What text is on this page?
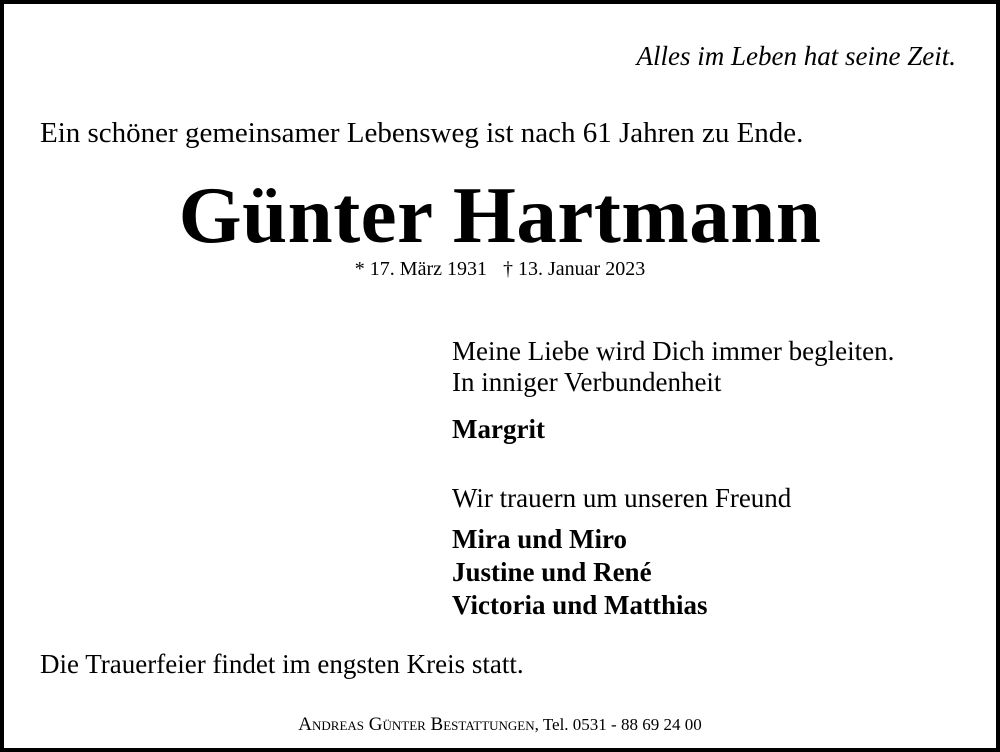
Alles im Leben hat seine Zeit.
Ein schöner gemeinsamer Lebensweg ist nach 61 Jahren zu Ende.
Günter Hartmann
* 17. März 1931 † 13. Januar 2023
Meine Liebe wird Dich immer begleiten.
In inniger Verbundenheit
Margrit
Wir trauern um unseren Freund
Mira und Miro
Justine und René
Victoria und Matthias
Die Trauerfeier findet im engsten Kreis statt.
Andreas Günter Bestattungen, Tel. 0531 - 88 69 24 00
